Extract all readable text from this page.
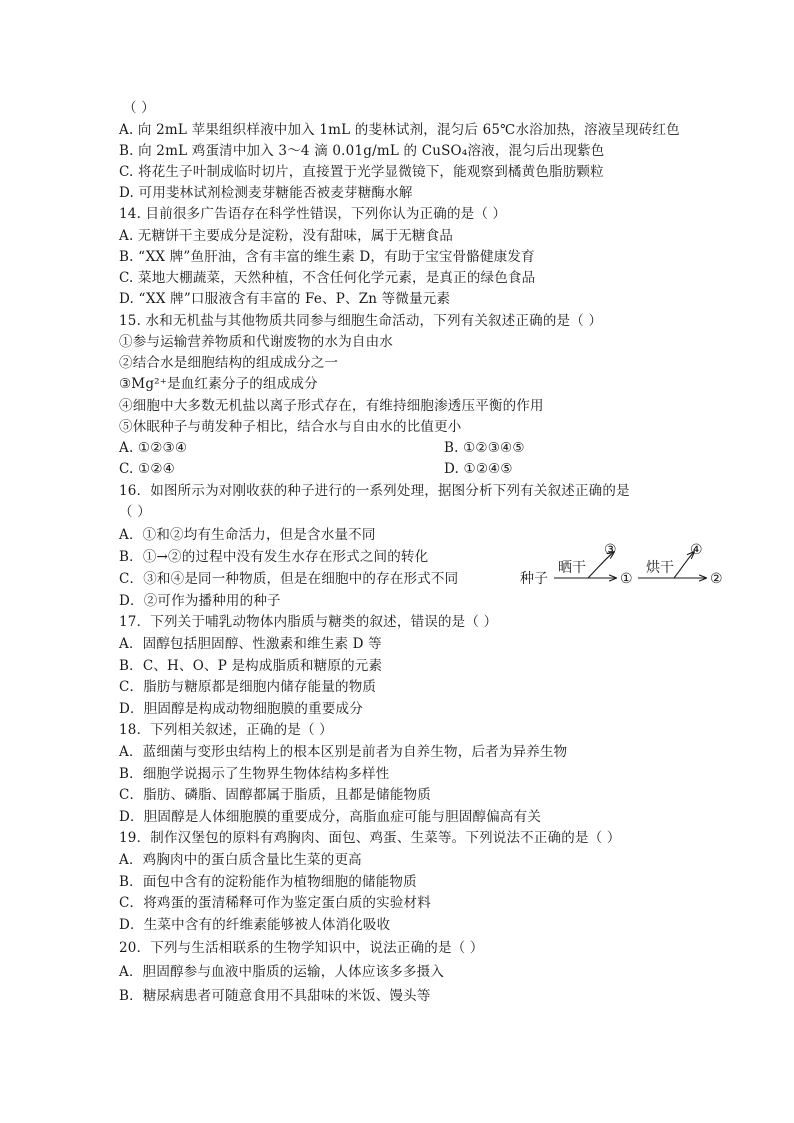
（ ）
A. 向 2mL 苹果组织样液中加入 1mL 的斐林试剂，混匀后 65℃水浴加热，溶液呈现砖红色
B. 向 2mL 鸡蛋清中加入 3～4 滴 0.01g/mL 的 CuSO₄溶液，混匀后出现紫色
C. 将花生子叶制成临时切片，直接置于光学显微镜下，能观察到橘黄色脂肪颗粒
D. 可用斐林试剂检测麦芽糖能否被麦芽糖酶水解
14. 目前很多广告语存在科学性错误，下列你认为正确的是（ ）
A. 无糖饼干主要成分是淀粉，没有甜味，属于无糖食品
B. “XX 牌”鱼肝油，含有丰富的维生素 D，有助于宝宝骨骼健康发育
C. 菜地大棚蔬菜，天然种植，不含任何化学元素，是真正的绿色食品
D. “XX 牌”口服液含有丰富的 Fe、P、Zn 等微量元素
15. 水和无机盐与其他物质共同参与细胞生命活动，下列有关叙述正确的是（ ）
①参与运输营养物质和代谢废物的水为自由水
②结合水是细胞结构的组成成分之一
③Mg²⁺是血红素分子的组成成分
④细胞中大多数无机盐以离子形式存在，有维持细胞渗透压平衡的作用
⑤休眠种子与萌发种子相比，结合水与自由水的比值更小
A. ①②③④	B. ①②③④⑤
C. ①②④	D. ①②④⑤
16．如图所示为对刚收获的种子进行的一系列处理，据图分析下列有关叙述正确的是
（ ）
A．①和②均有生命活力，但是含水量不同
B．①→②的过程中没有发生水存在形式之间的转化
C．③和④是同一种物质，但是在细胞中的存在形式不同
D．②可作为播种用的种子
种子
晒干
③
①
烘干
④
②
17．下列关于哺乳动物体内脂质与糖类的叙述，错误的是（ ）
A．固醇包括胆固醇、性激素和维生素 D 等
B．C、H、O、P 是构成脂质和糖原的元素
C．脂肪与糖原都是细胞内储存能量的物质
D．胆固醇是构成动物细胞膜的重要成分
18．下列相关叙述，正确的是（ ）
A．蓝细菌与变形虫结构上的根本区别是前者为自养生物，后者为异养生物
B．细胞学说揭示了生物界生物体结构多样性
C．脂肪、磷脂、固醇都属于脂质，且都是储能物质
D．胆固醇是人体细胞膜的重要成分，高脂血症可能与胆固醇偏高有关
19．制作汉堡包的原料有鸡胸肉、面包、鸡蛋、生菜等。下列说法不正确的是（ ）
A．鸡胸肉中的蛋白质含量比生菜的更高
B．面包中含有的淀粉能作为植物细胞的储能物质
C．将鸡蛋的蛋清稀释可作为鉴定蛋白质的实验材料
D．生菜中含有的纤维素能够被人体消化吸收
20．下列与生活相联系的生物学知识中，说法正确的是（ ）
A．胆固醇参与血液中脂质的运输，人体应该多多摄入
B．糖尿病患者可随意食用不具甜味的米饭、馒头等
